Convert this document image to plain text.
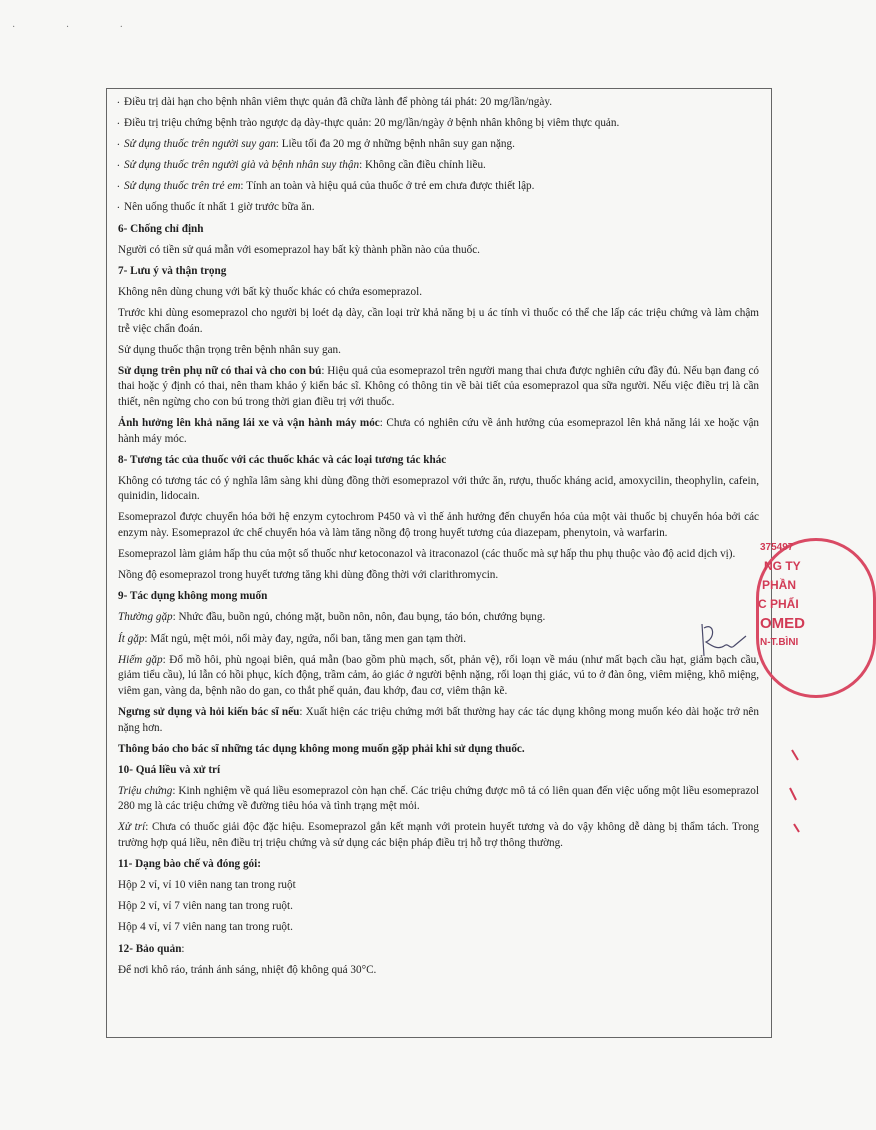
· · ·
. Điều trị dài hạn cho bệnh nhân viêm thực quản đã chữa lành để phòng tái phát: 20 mg/lần/ngày.
. Điều trị triệu chứng bệnh trào ngược dạ dày-thực quản: 20 mg/lần/ngày ở bệnh nhân không bị viêm thực quản.
. Sử dụng thuốc trên người suy gan: Liều tối đa 20 mg ở những bệnh nhân suy gan nặng.
. Sử dụng thuốc trên người già và bệnh nhân suy thận: Không cần điều chỉnh liều.
. Sử dụng thuốc trên trẻ em: Tính an toàn và hiệu quả của thuốc ở trẻ em chưa được thiết lập.
. Nên uống thuốc ít nhất 1 giờ trước bữa ăn.
6- Chống chỉ định
Người có tiền sử quá mẫn với esomeprazol hay bất kỳ thành phần nào của thuốc.
7- Lưu ý và thận trọng
Không nên dùng chung với bất kỳ thuốc khác có chứa esomeprazol.
Trước khi dùng esomeprazol cho người bị loét dạ dày, cần loại trừ khả năng bị u ác tính vì thuốc có thể che lấp các triệu chứng và làm chậm trễ việc chẩn đoán.
Sử dụng thuốc thận trọng trên bệnh nhân suy gan.
Sử dụng trên phụ nữ có thai và cho con bú: Hiệu quả của esomeprazol trên người mang thai chưa được nghiên cứu đầy đủ. Nếu bạn đang có thai hoặc ý định có thai, nên tham khảo ý kiến bác sĩ. Không có thông tin về bài tiết của esomeprazol qua sữa người. Nếu việc điều trị là cần thiết, nên ngừng cho con bú trong thời gian điều trị với thuốc.
Ảnh hưởng lên khả năng lái xe và vận hành máy móc: Chưa có nghiên cứu về ảnh hưởng của esomeprazol lên khả năng lái xe hoặc vận hành máy móc.
8- Tương tác của thuốc với các thuốc khác và các loại tương tác khác
Không có tương tác có ý nghĩa lâm sàng khi dùng đồng thời esomeprazol với thức ăn, rượu, thuốc kháng acid, amoxycilin, theophylin, cafein, quinidin, lidocain.
Esomeprazol được chuyển hóa bởi hệ enzym cytochrom P450 và vì thế ảnh hưởng đến chuyển hóa của một vài thuốc bị chuyển hóa bởi các enzym này. Esomeprazol ức chế chuyển hóa và làm tăng nồng độ trong huyết tương của diazepam, phenytoin, và warfarin.
Esomeprazol làm giảm hấp thu của một số thuốc như ketoconazol và itraconazol (các thuốc mà sự hấp thu phụ thuộc vào độ acid dịch vị).
Nồng độ esomeprazol trong huyết tương tăng khi dùng đồng thời với clarithromycin.
9- Tác dụng không mong muốn
Thường gặp: Nhức đầu, buồn ngủ, chóng mặt, buồn nôn, nôn, đau bụng, táo bón, chướng bụng.
Ít gặp: Mất ngủ, mệt mỏi, nổi mày đay, ngứa, nổi ban, tăng men gan tạm thời.
Hiếm gặp: Đổ mồ hôi, phù ngoại biên, quá mẫn (bao gồm phù mạch, sốt, phản vệ), rối loạn về máu (như mất bạch cầu hạt, giảm bạch cầu, giảm tiểu cầu), lú lẫn có hồi phục, kích động, trầm cảm, ảo giác ở người bệnh nặng, rối loạn thị giác, vú to ở đàn ông, viêm miệng, khô miệng, viêm gan, vàng da, bệnh não do gan, co thắt phế quản, đau khớp, đau cơ, viêm thận kẽ.
Ngưng sử dụng và hỏi kiến bác sĩ nếu: Xuất hiện các triệu chứng mới bất thường hay các tác dụng không mong muốn kéo dài hoặc trở nên nặng hơn.
Thông báo cho bác sĩ những tác dụng không mong muốn gặp phải khi sử dụng thuốc.
10- Quá liều và xử trí
Triệu chứng: Kinh nghiệm về quá liều esomeprazol còn hạn chế. Các triệu chứng được mô tả có liên quan đến việc uống một liều esomeprazol 280 mg là các triệu chứng về đường tiêu hóa và tình trạng mệt mỏi.
Xử trí: Chưa có thuốc giải độc đặc hiệu. Esomeprazol gắn kết mạnh với protein huyết tương và do vậy không dễ dàng bị thẩm tách. Trong trường hợp quá liều, nên điều trị triệu chứng và sử dụng các biện pháp điều trị hỗ trợ thông thường.
11- Dạng bào chế và đóng gói:
Hộp 2 vỉ, vỉ 10 viên nang tan trong ruột
Hộp 2 vỉ, vỉ 7 viên nang tan trong ruột.
Hộp 4 vỉ, vỉ 7 viên nang tan trong ruột.
12- Bảo quản:
Để nơi khô ráo, tránh ánh sáng, nhiệt độ không quá 30°C.
375497
NG TY
PHẦN
C PHẨI
OMED
N-T.BÌNI
